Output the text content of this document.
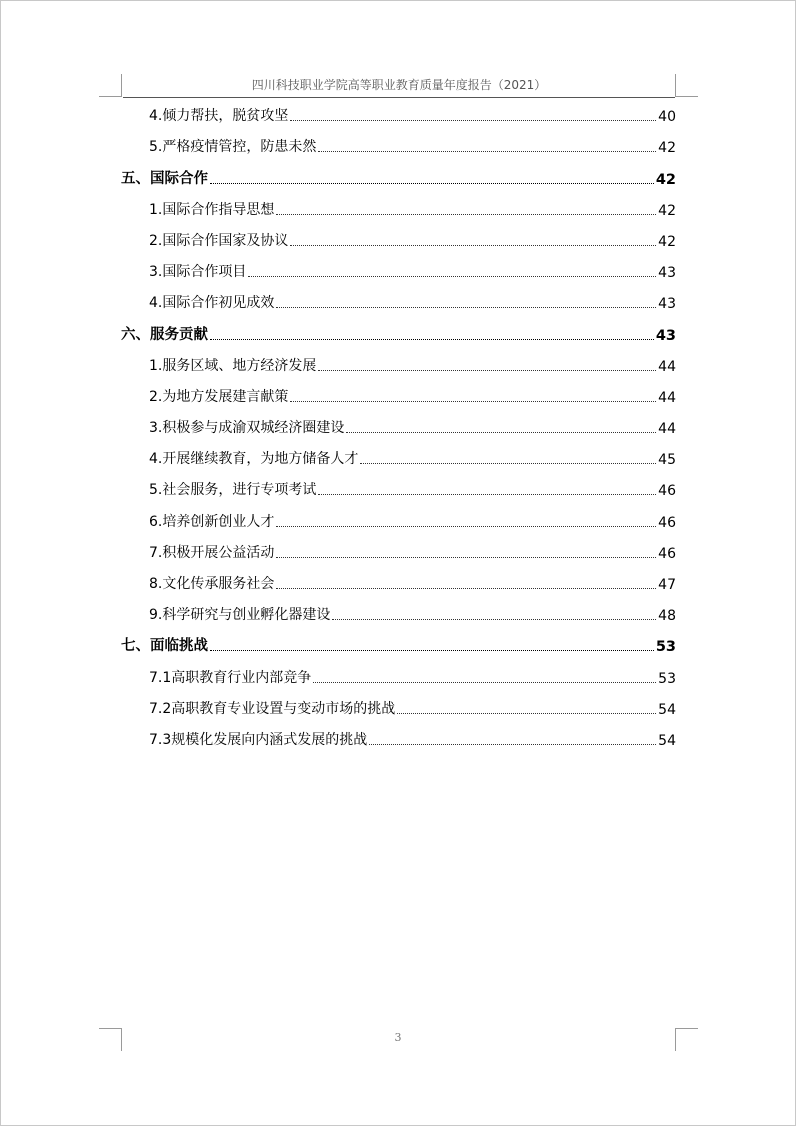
四川科技职业学院高等职业教育质量年度报告（2021）
4.倾力帮扶，脱贫攻坚	40
5.严格疫情管控，防患未然	42
五、国际合作	42
1.国际合作指导思想	42
2.国际合作国家及协议	42
3.国际合作项目	43
4.国际合作初见成效	43
六、服务贡献	43
1.服务区域、地方经济发展	44
2.为地方发展建言献策	44
3.积极参与成渝双城经济圈建设	44
4.开展继续教育，为地方储备人才	45
5.社会服务，进行专项考试	46
6.培养创新创业人才	46
7.积极开展公益活动	46
8.文化传承服务社会	47
9.科学研究与创业孵化器建设	48
七、面临挑战	53
7.1高职教育行业内部竞争	53
7.2高职教育专业设置与变动市场的挑战	54
7.3规模化发展向内涵式发展的挑战	54
3
